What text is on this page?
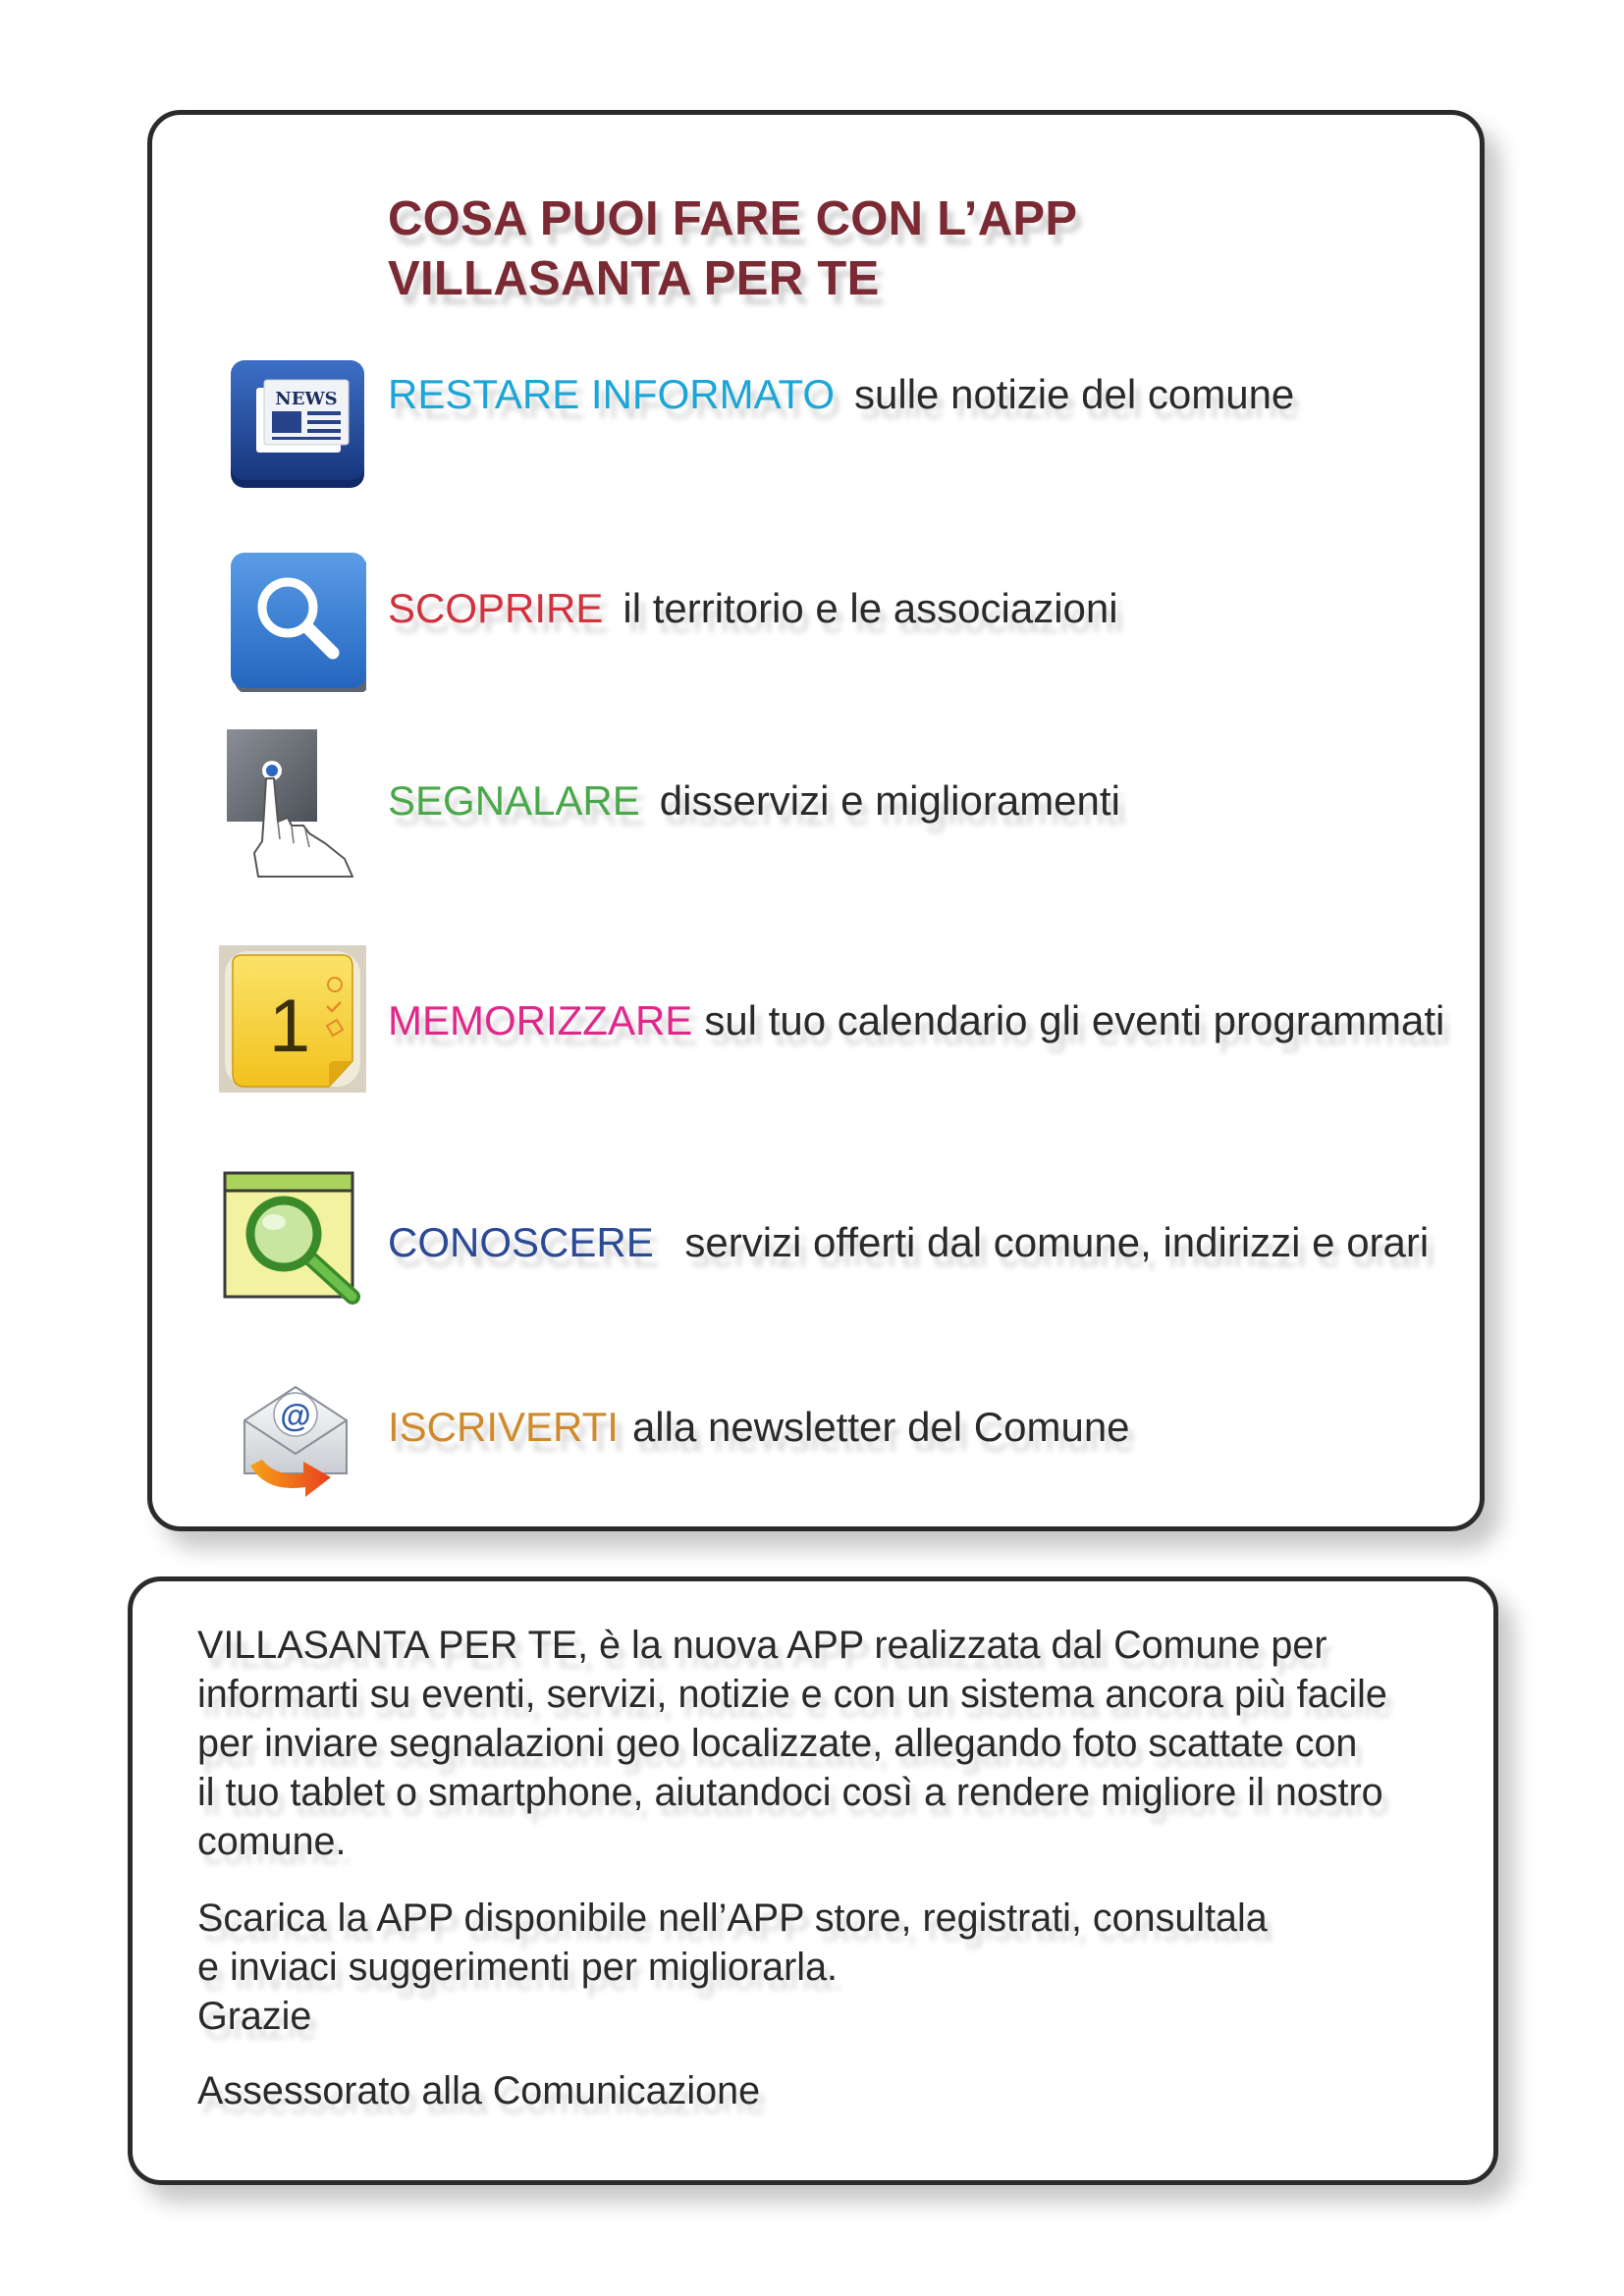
COSA PUOI FARE CON L’APP
VILLASANTA PER TE
NEWS RESTARE INFORMATO sulle notizie del comune
SCOPRIRE il territorio e le associazioni
SEGNALARE disservizi e miglioramenti
1 MEMORIZZARE sul tuo calendario gli eventi programmati
CONOSCERE servizi offerti dal comune, indirizzi e orari
@ ISCRIVERTI alla newsletter del Comune
VILLASANTA PER TE, è la nuova APP realizzata dal Comune per
informarti su eventi, servizi, notizie e con un sistema ancora più facile
per inviare segnalazioni geo localizzate, allegando foto scattate con
il tuo tablet o smartphone, aiutandoci così a rendere migliore il nostro
comune.
Scarica la APP disponibile nell’APP store, registrati, consultala
e inviaci suggerimenti per migliorarla.
Grazie
Assessorato alla Comunicazione
